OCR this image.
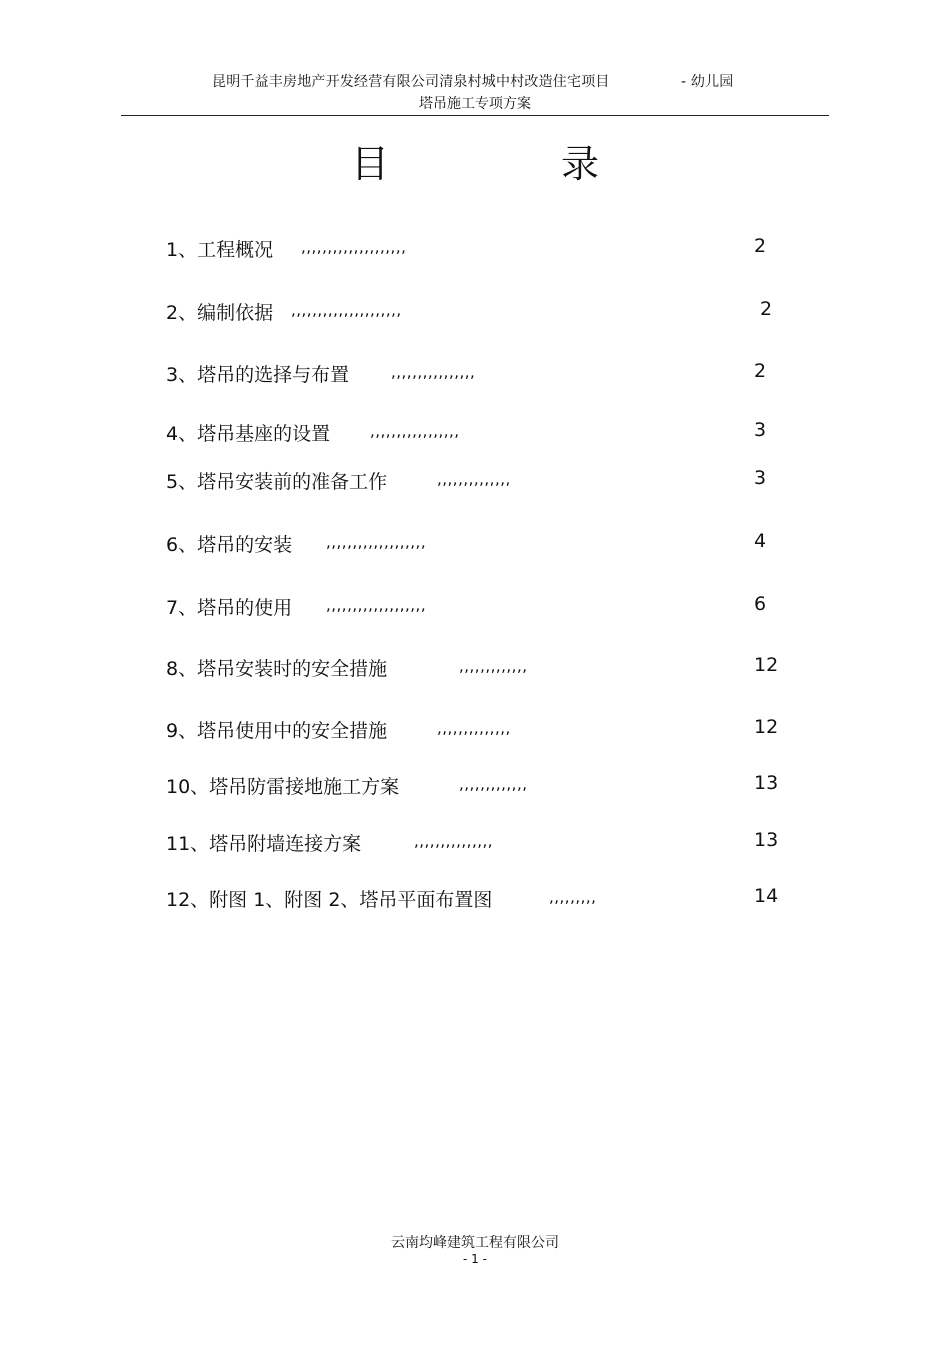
昆明千益丰房地产开发经营有限公司清泉村城中村改造住宅项目	- 幼儿园
塔吊施工专项方案
目 录
1、工程概况 ,,,,,,,,,,,,,,,,,,,,	2
2、编制依据 ,,,,,,,,,,,,,,,,,,,,,	2
3、塔吊的选择与布置	,,,,,,,,,,,,,,,,	2
4、塔吊基座的设置	,,,,,,,,,,,,,,,,,	3
5、塔吊安装前的准备工作	,,,,,,,,,,,,,,	3
6、塔吊的安装 ,,,,,,,,,,,,,,,,,,,	4
7、塔吊的使用 ,,,,,,,,,,,,,,,,,,,	6
8、塔吊安装时的安全措施	,,,,,,,,,,,,,	12
9、塔吊使用中的安全措施	,,,,,,,,,,,,,,	12
10、塔吊防雷接地施工方案	,,,,,,,,,,,,,	13
11、塔吊附墙连接方案	,,,,,,,,,,,,,,,	13
12、附图 1、附图 2、塔吊平面布置图	,,,,,,,,,	14
云南均峰建筑工程有限公司
- 1 -
